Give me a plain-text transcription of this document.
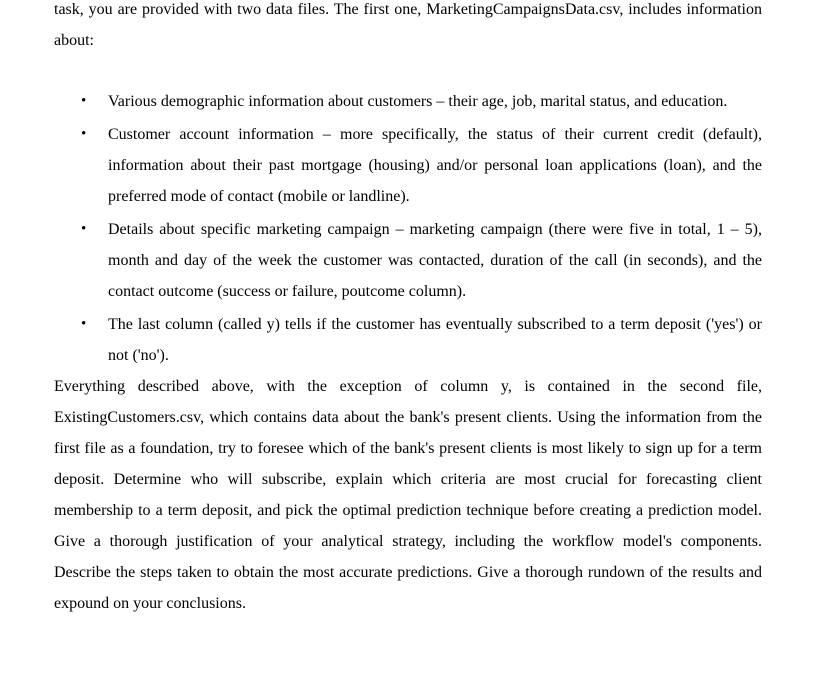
task, you are provided with two data files. The first one, MarketingCampaignsData.csv, includes information about:

• Various demographic information about customers – their age, job, marital status, and education.
• Customer account information – more specifically, the status of their current credit (default), information about their past mortgage (housing) and/or personal loan applications (loan), and the preferred mode of contact (mobile or landline).
• Details about specific marketing campaign – marketing campaign (there were five in total, 1 – 5), month and day of the week the customer was contacted, duration of the call (in seconds), and the contact outcome (success or failure, poutcome column).
• The last column (called y) tells if the customer has eventually subscribed to a term deposit ('yes') or not ('no').

Everything described above, with the exception of column y, is contained in the second file, ExistingCustomers.csv, which contains data about the bank's present clients. Using the information from the first file as a foundation, try to foresee which of the bank's present clients is most likely to sign up for a term deposit. Determine who will subscribe, explain which criteria are most crucial for forecasting client membership to a term deposit, and pick the optimal prediction technique before creating a prediction model. Give a thorough justification of your analytical strategy, including the workflow model's components. Describe the steps taken to obtain the most accurate predictions. Give a thorough rundown of the results and expound on your conclusions.
